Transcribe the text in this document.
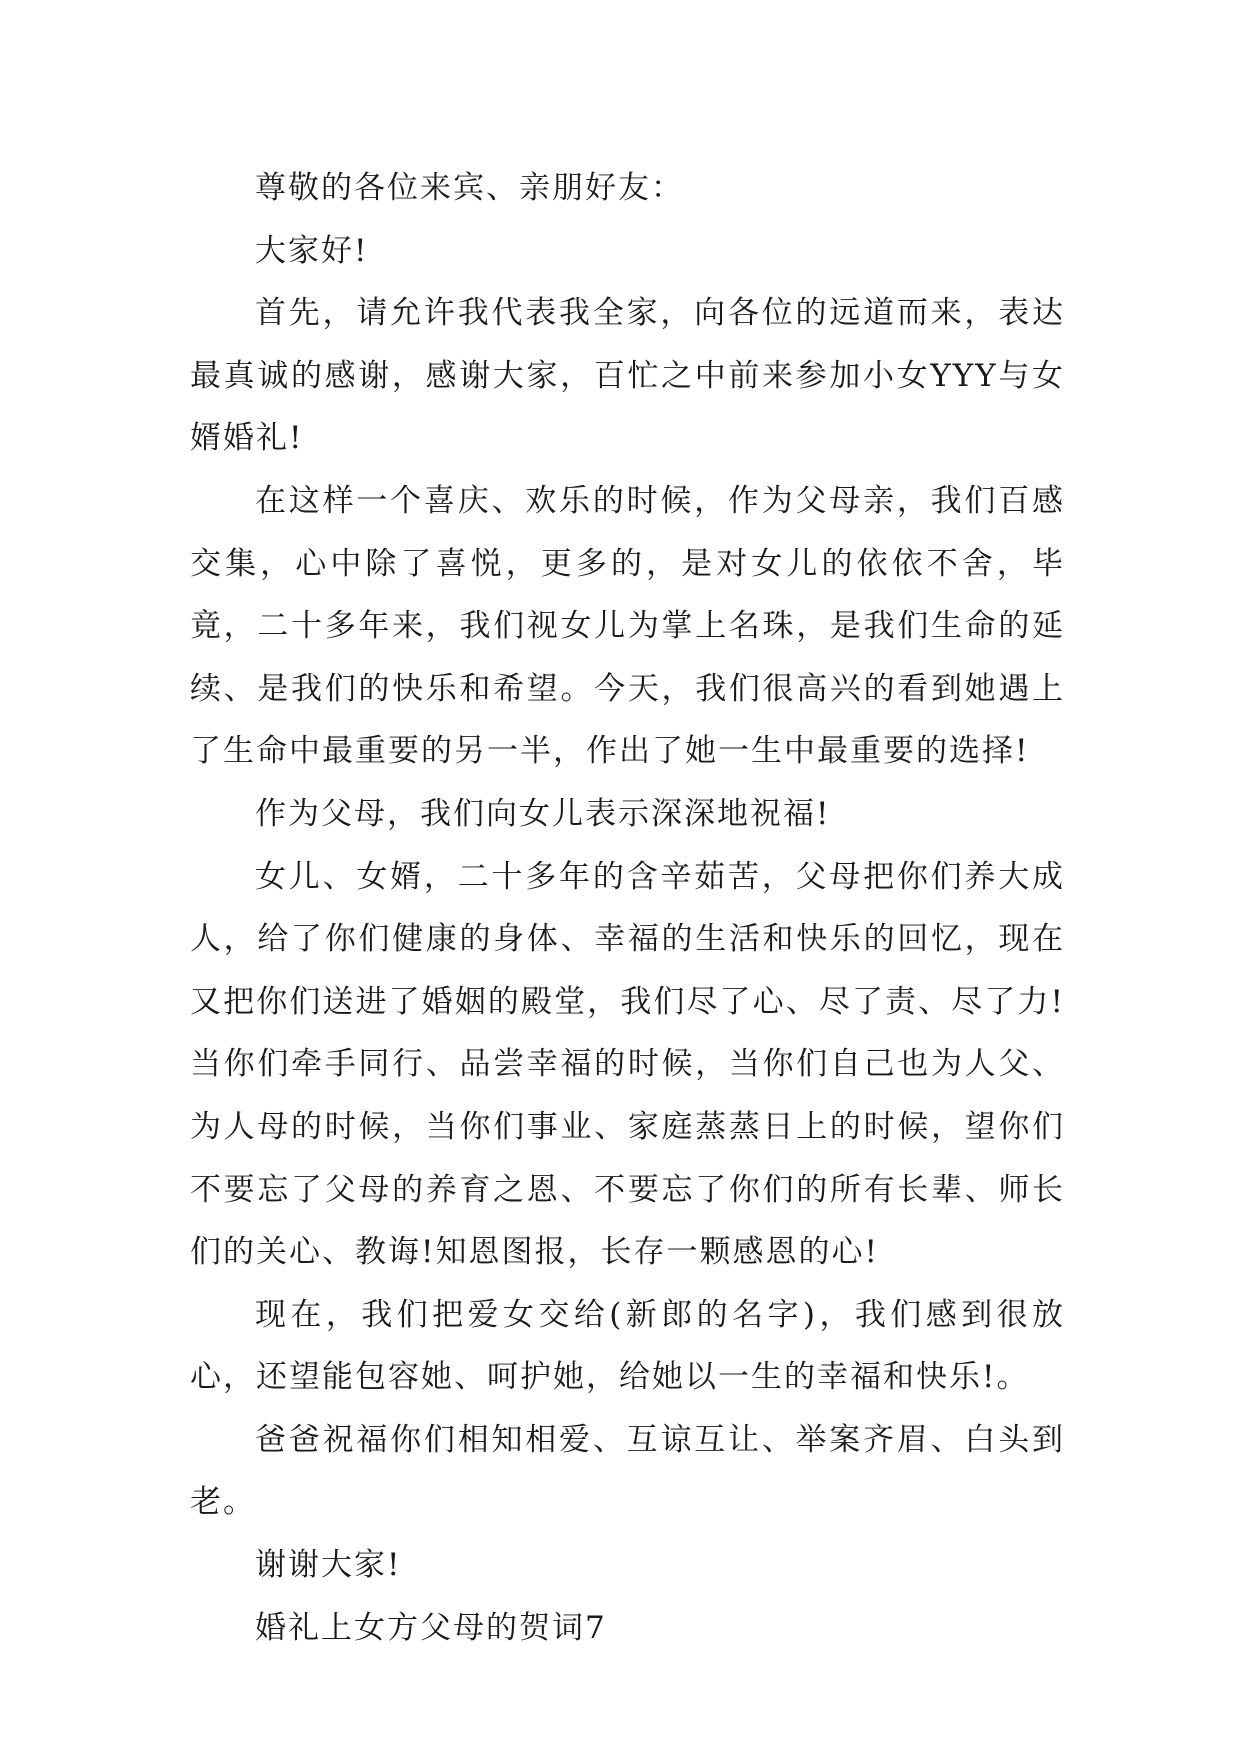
尊敬的各位来宾、亲朋好友：

大家好!

首先，请允许我代表我全家，向各位的远道而来，表达最真诚的感谢，感谢大家，百忙之中前来参加小女YYY与女婿婚礼!

在这样一个喜庆、欢乐的时候，作为父母亲，我们百感交集，心中除了喜悦，更多的，是对女儿的依依不舍，毕竟，二十多年来，我们视女儿为掌上名珠，是我们生命的延续、是我们的快乐和希望。今天，我们很高兴的看到她遇上了生命中最重要的另一半，作出了她一生中最重要的选择!

作为父母，我们向女儿表示深深地祝福!

女儿、女婿，二十多年的含辛茹苦，父母把你们养大成人，给了你们健康的身体、幸福的生活和快乐的回忆，现在又把你们送进了婚姻的殿堂，我们尽了心、尽了责、尽了力!当你们牵手同行、品尝幸福的时候，当你们自己也为人父、为人母的时候，当你们事业、家庭蒸蒸日上的时候，望你们不要忘了父母的养育之恩、不要忘了你们的所有长辈、师长们的关心、教诲!知恩图报，长存一颗感恩的心!

现在，我们把爱女交给(新郎的名字)，我们感到很放心，还望能包容她、呵护她，给她以一生的幸福和快乐!。

爸爸祝福你们相知相爱、互谅互让、举案齐眉、白头到老。

谢谢大家!

婚礼上女方父母的贺词7
